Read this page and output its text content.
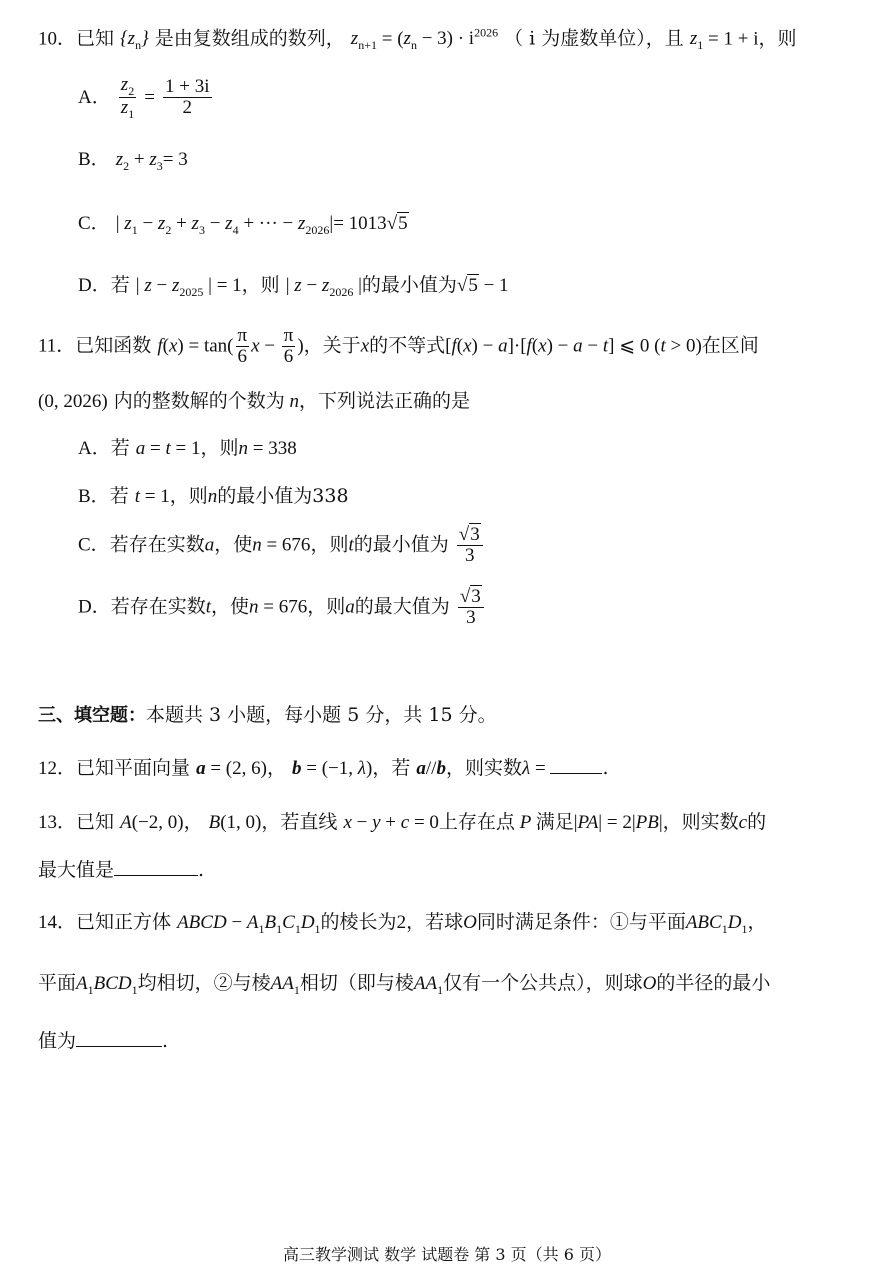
10．已知 $\{z_n\}$ 是由复数组成的数列， $z_{n+1} = (z_n - 3) \cdot i^{2026}$ （ i 为虚数单位），且 $z_1 = 1 + i$，则
A． $\frac{z_2}{z_1} = \frac{1 + 3i}{2}$
B． $z_2 + z_3= 3$
C． | $z_1 - z_2 + z_3 - z_4$ + ··· − $z_{2026}|= 1013√5$
D．若 | $z - z_{2025}$ | = 1，则 | $z - z_{2026}$ |的最小值为√5 − 1
11．已知函数 $f(x) = \tan( \frac{\pi}{6}$ $x - \frac{\pi}{6}$ )，关于x的不等式[f(x) − a]·[f(x) − a − t] ⩽ 0 (t > 0)在区间
(0, 2026) 内的整数解的个数为 n，下列说法正确的是
A．若 a = t = 1，则n = 338
B．若 t = 1，则n的最小值为338
C．若存在实数a，使n = 676，则t的最小值为 $\frac{√3}{3}$
D．若存在实数t，使n = 676，则a的最大值为 $\frac{√3}{3}$
三、填空题：本题共 3 小题，每小题 5 分，共 15 分。
12．已知平面向量 a = (2, 6)， b = (−1, λ)，若 a//b，则实数λ =	.
13．已知 A(−2, 0)， B(1, 0)，若直线 x − y + c = 0上存在点 P 满足|PA| = 2|PB|，则实数c的
最大值是	.
14．已知正方体 ABCD − $A_1B_1C_1D_1$的棱长为2，若球O同时满足条件：①与平面$ABC_1D_1$，
平面$A_1BCD_1$均相切，②与棱$AA_1$相切（即与棱$AA_1$仅有一个公共点），则球O的半径的最小
值为	.
高三教学测试 数学 试题卷 第 3 页（共 6 页）
